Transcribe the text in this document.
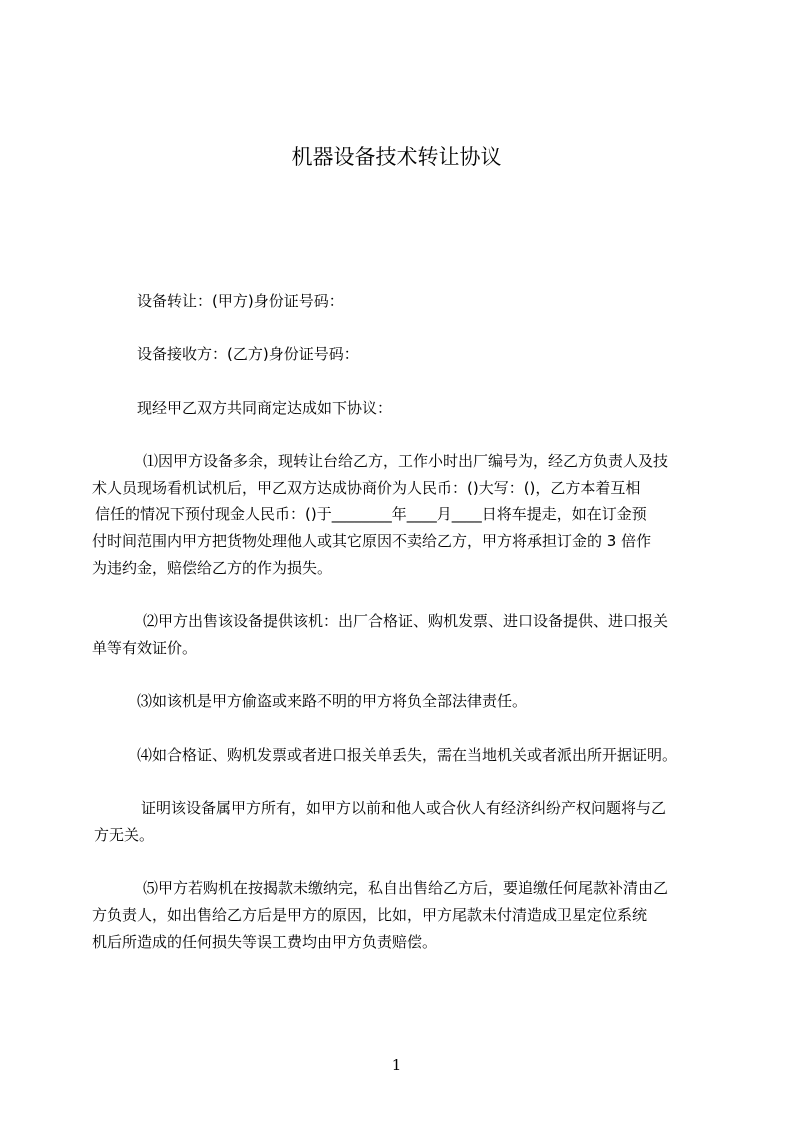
机器设备技术转让协议
设备转让：(甲方)身份证号码：
设备接收方：(乙方)身份证号码：
现经甲乙双方共同商定达成如下协议：
⑴因甲方设备多余，现转让台给乙方，工作小时出厂编号为，经乙方负责人及技
术人员现场看机试机后，甲乙双方达成协商价为人民币：()大写：()，乙方本着互相
信任的情况下预付现金人民币：()于________年____月____日将车提走，如在订金预
付时间范围内甲方把货物处理他人或其它原因不卖给乙方，甲方将承担订金的 3 倍作
为违约金，赔偿给乙方的作为损失。
⑵甲方出售该设备提供该机：出厂合格证、购机发票、进口设备提供、进口报关
单等有效证价。
⑶如该机是甲方偷盗或来路不明的甲方将负全部法律责任。
⑷如合格证、购机发票或者进口报关单丢失，需在当地机关或者派出所开据证明。
证明该设备属甲方所有，如甲方以前和他人或合伙人有经济纠纷产权问题将与乙
方无关。
⑸甲方若购机在按揭款未缴纳完，私自出售给乙方后，要追缴任何尾款补清由乙
方负责人，如出售给乙方后是甲方的原因，比如，甲方尾款未付清造成卫星定位系统
机后所造成的任何损失等误工费均由甲方负责赔偿。
1
